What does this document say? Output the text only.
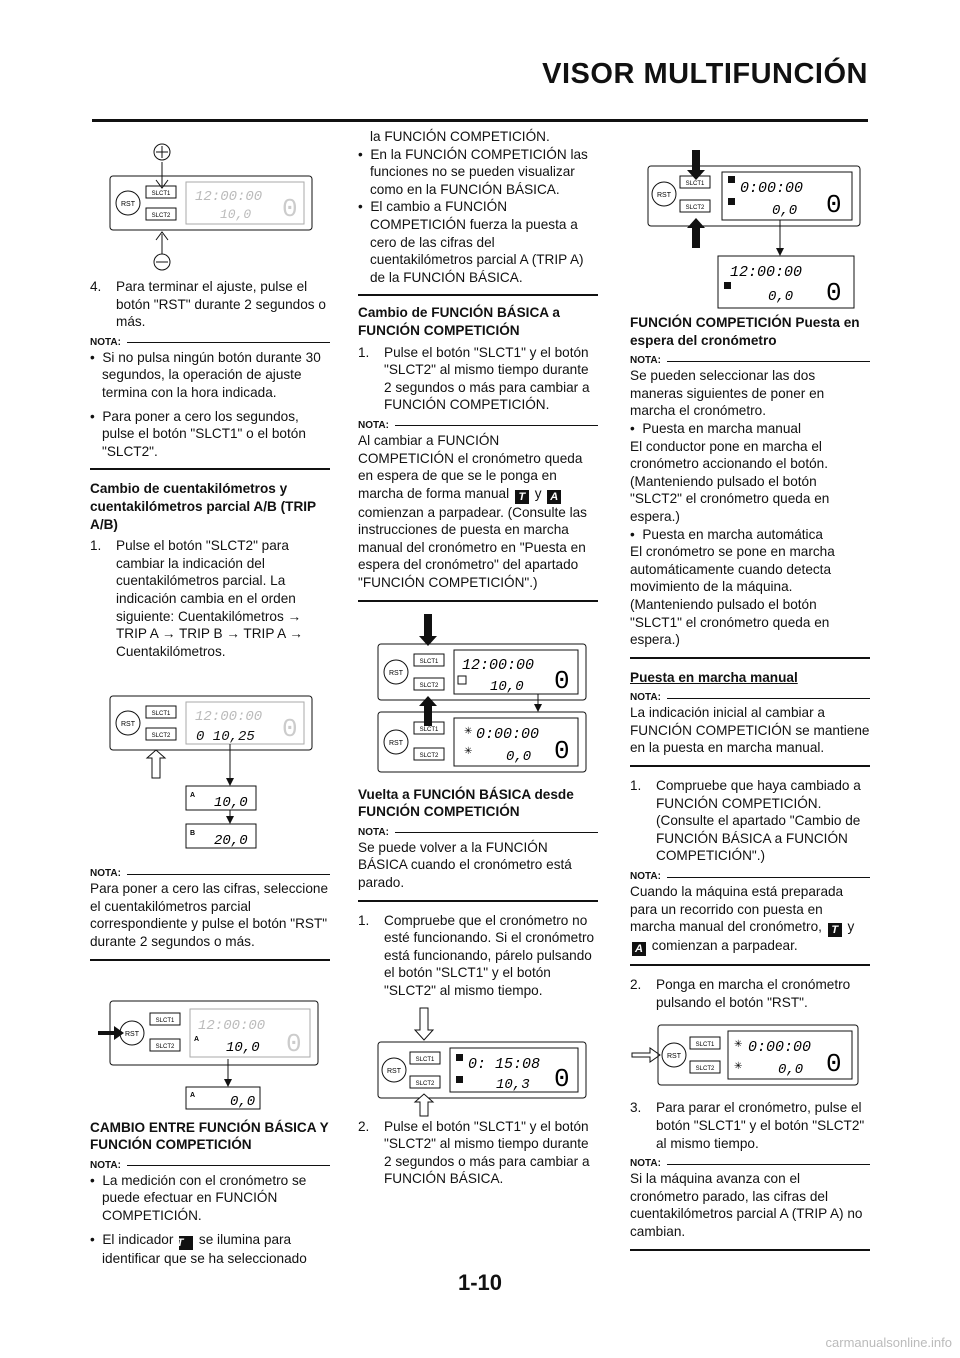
VISOR MULTIFUNCIÓN
RST
SLCT1
SLCT2
12:00:00
10,0 0

4. Para terminar el ajuste, pulse el botón "RST" durante 2 segundos o más.

NOTA:

•  Si no pulsa ningún botón durante 30 segundos, la operación de ajuste termina con la hora indicada.

•  Para poner a cero los segundos, pulse el botón "SLCT1" o el botón "SLCT2".

Cambio de cuentakilómetros y cuentakilómetros parcial A/B (TRIP A/B)

1. Pulse el botón "SLCT2" para cambiar la indicación del cuentakilómetros parcial. La indicación cambia en el orden siguiente: Cuentakilómetros → TRIP A → TRIP B → TRIP A → Cuentakilómetros.

RST
SLCT1
SLCT2
12:00:00
0 10,25 0
A 10,0
B 20,0
NOTA:

Para poner a cero las cifras, seleccione el cuentakilómetros parcial correspondiente y pulse el botón "RST" durante 2 segundos o más.

RST
SLCT1
SLCT2
12:00:00
A
10,0 0
A 0,0
CAMBIO ENTRE FUNCIÓN BÁSICA Y FUNCIÓN COMPETICIÓN
NOTA:

•  La medición con el cronómetro se puede efectuar en FUNCIÓN COMPETICIÓN.

•  El indicador T se ilumina para identificar que se ha seleccionado

la FUNCIÓN COMPETICIÓN.

•  En la FUNCIÓN COMPETICIÓN las funciones no se pueden visualizar como en la FUNCIÓN BÁSICA.

•  El cambio a FUNCIÓN COMPETICIÓN fuerza la puesta a cero de las cifras del cuentakilómetros parcial A (TRIP A) de la FUNCIÓN BÁSICA.

Cambio de FUNCIÓN BÁSICA a FUNCIÓN COMPETICIÓN

1. Pulse el botón "SLCT1" y el botón "SLCT2" al mismo tiempo durante 2 segundos o más para cambiar a FUNCIÓN COMPETICIÓN.

NOTA:

Al cambiar a FUNCIÓN COMPETICIÓN el cronómetro queda en espera de que se le ponga en marcha de forma manual T y A comienzan a parpadear. (Consulte las instrucciones de puesta en marcha manual del cronómetro en "Puesta en espera del cronómetro" del apartado "FUNCIÓN COMPETICIÓN".)

RST
SLCT1
SLCT2
12:00:00
10,0 0
RST
SLCT1
SLCT2
✳
✳
0:00:00
0,0 0
Vuelta a FUNCIÓN BÁSICA desde FUNCIÓN COMPETICIÓN
NOTA:

Se puede volver a la FUNCIÓN BÁSICA cuando el cronómetro está parado.

1. Compruebe que el cronómetro no esté funcionando. Si el cronómetro está funcionando, párelo pulsando el botón "SLCT1" y el botón "SLCT2" al mismo tiempo.

RST
SLCT1
SLCT2
0: 15:08
10,3 0

2. Pulse el botón "SLCT1" y el botón "SLCT2" al mismo tiempo durante 2 segundos o más para cambiar a FUNCIÓN BÁSICA.

RST
SLCT1
SLCT2
0:00:00
0,0 0
12:00:00
0,0 0
FUNCIÓN COMPETICIÓN Puesta en espera del cronómetro
NOTA:

Se pueden seleccionar las dos maneras siguientes de poner en marcha el cronómetro.

•  Puesta en marcha manual

El conductor pone en marcha el cronómetro accionando el botón. (Manteniendo pulsado el botón "SLCT2" el cronómetro queda en espera.)

•  Puesta en marcha automática

El cronómetro se pone en marcha automáticamente cuando detecta movimiento de la máquina. (Manteniendo pulsado el botón "SLCT1" el cronómetro queda en espera.)

Puesta en marcha manual
NOTA:

La indicación inicial al cambiar a FUNCIÓN COMPETICIÓN se mantiene en la puesta en marcha manual.

1. Compruebe que haya cambiado a FUNCIÓN COMPETICIÓN. (Consulte el apartado "Cambio de FUNCIÓN BÁSICA a FUNCIÓN COMPETICIÓN".)

NOTA:

Cuando la máquina está preparada para un recorrido con puesta en marcha manual del cronómetro, T y A comienzan a parpadear.

2. Ponga en marcha el cronómetro pulsando el botón "RST".

RST
SLCT1
SLCT2
✳
✳
0:00:00
0,0 0

3. Para parar el cronómetro, pulse el botón "SLCT1" y el botón "SLCT2" al mismo tiempo.

NOTA:

Si la máquina avanza con el cronómetro parado, las cifras del cuentakilómetros parcial A (TRIP A) no cambian.

1-10
carmanualsonline.info
